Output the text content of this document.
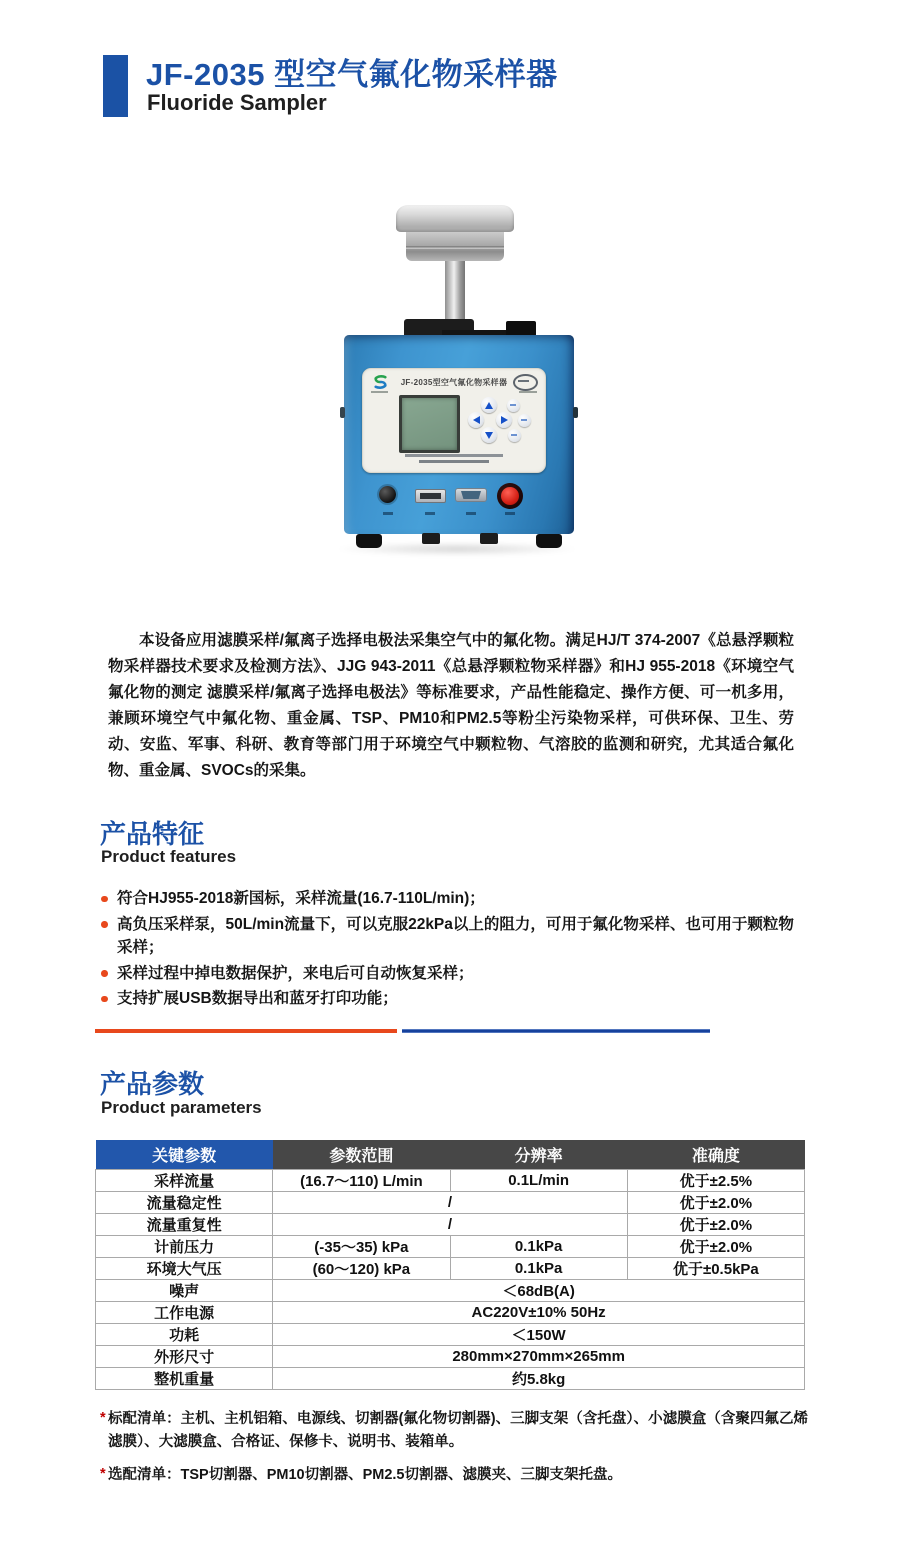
JF-2035 型空气氟化物采样器
Fluoride Sampler
JF-2035型空气氟化物采样器

本设备应用滤膜采样/氟离子选择电极法采集空气中的氟化物。满足HJ/T 374-2007《总悬浮颗粒物采样器技术要求及检测方法》、JJG 943-2011《总悬浮颗粒物采样器》和HJ 955-2018《环境空气 氟化物的测定 滤膜采样/氟离子选择电极法》等标准要求，产品性能稳定、操作方便、可一机多用，兼顾环境空气中氟化物、重金属、TSP、PM10和PM2.5等粉尘污染物采样，可供环保、卫生、劳动、安监、军事、科研、教育等部门用于环境空气中颗粒物、气溶胶的监测和研究，尤其适合氟化物、重金属、SVOCs的采集。

产品特征
Product features
符合HJ955-2018新国标，采样流量(16.7-110L/min)；
高负压采样泵，50L/min流量下，可以克服22kPa以上的阻力，可用于氟化物采样、也可用于颗粒物采样；
采样过程中掉电数据保护，来电后可自动恢复采样；
支持扩展USB数据导出和蓝牙打印功能；
产品参数
Product parameters
关键参数	参数范围	分辨率	准确度
采样流量	(16.7～110) L/min	0.1L/min	优于±2.5%
流量稳定性	/		优于±2.0%
流量重复性	/		优于±2.0%
计前压力	(-35～35) kPa	0.1kPa	优于±2.0%
环境大气压	(60～120) kPa	0.1kPa	优于±0.5kPa
噪声	＜68dB(A)		
工作电源	AC220V±10% 50Hz		
功耗	＜150W		
外形尺寸	280mm×270mm×265mm		
整机重量	约5.8kg		
* 标配清单：主机、主机铝箱、电源线、切割器(氟化物切割器)、三脚支架（含托盘）、小滤膜盒（含聚四氟乙烯滤膜）、大滤膜盒、合格证、保修卡、说明书、装箱单。
* 选配清单：TSP切割器、PM10切割器、PM2.5切割器、滤膜夹、三脚支架托盘。
